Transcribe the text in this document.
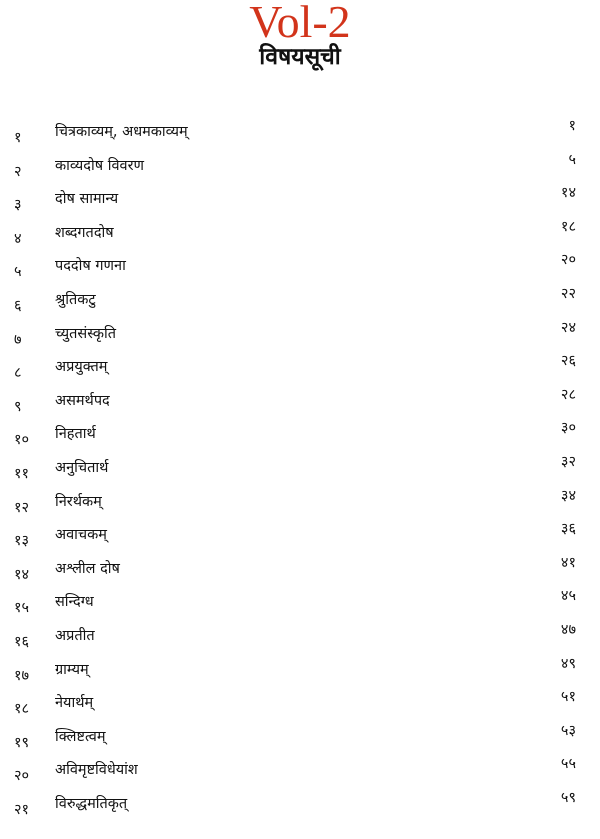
Vol-2
विषयसूची
१	चित्रकाव्यम्, अधमकाव्यम्	१
२	काव्यदोष विवरण	५
३	दोष सामान्य	१४
४	शब्दगतदोष	१८
५	पददोष गणना	२०
६	श्रुतिकटु	२२
७	च्युतसंस्कृति	२४
८	अप्रयुक्तम्	२६
९	असमर्थपद	२८
१०	निहतार्थ	३०
११	अनुचितार्थ	३२
१२	निरर्थकम्	३४
१३	अवाचकम्	३६
१४	अश्लील दोष	४१
१५	सन्दिग्ध	४५
१६	अप्रतीत	४७
१७	ग्राम्यम्	४९
१८	नेयार्थम्	५१
१९	क्लिष्टत्वम्	५३
२०	अविमृष्टविधेयांश	५५
२१	विरुद्धमतिकृत्	५९
